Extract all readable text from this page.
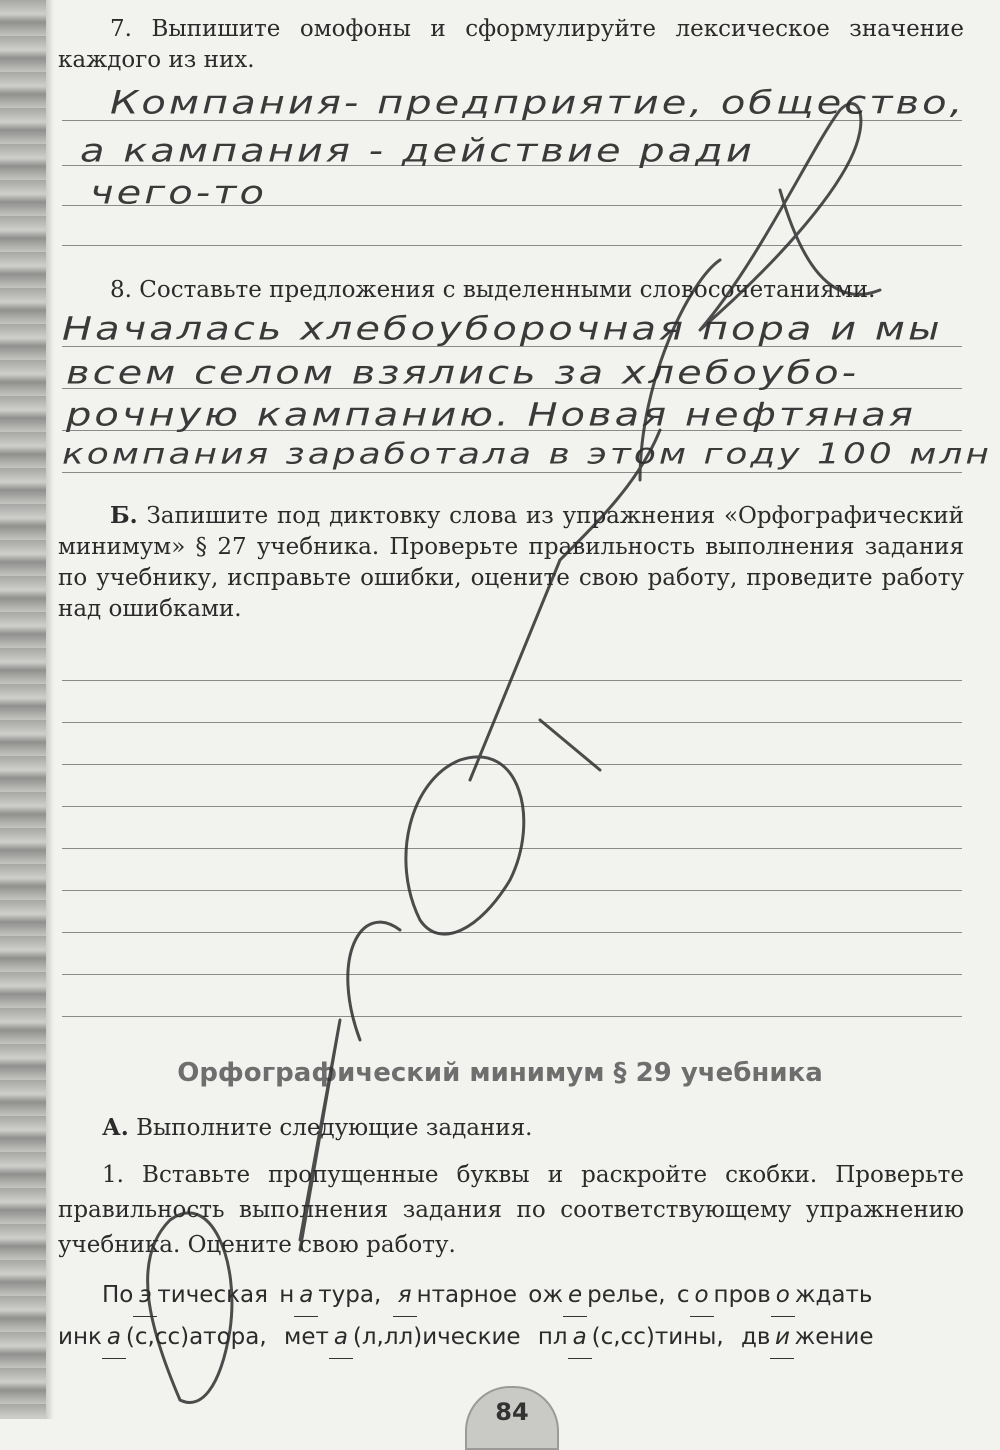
7. Выпишите омофоны и сформулируйте лексическое значение каждого из них.

Компания- предприятие, общество,
а кампания - действие ради
чего-то

8. Составьте предложения с выделенными словосочетаниями.

Началась хлебоуборочная пора и мы
всем селом взялись за хлебоубо-
рочную кампанию. Новая нефтяная
компания заработала в этом году 100 млн

Б. Запишите под диктовку слова из упражнения «Орфографический минимум» § 27 учебника. Проверьте правильность выполнения задания по учебнику, исправьте ошибки, оцените свою работу, проведите работу над ошибками.

Орфографический минимум § 29 учебника

А. Выполните следующие задания.

1. Вставьте пропущенные буквы и раскройте скобки. Проверьте правильность выполнения задания по соответствующему упражнению учебника. Оцените свою работу.

По э тическая н а тура, я нтарное ож е релье, с о пров о ждать
инк а (с,сс)атора, мет а (л,лл)ические пл а (с,сс)тины, дв и жение
84
